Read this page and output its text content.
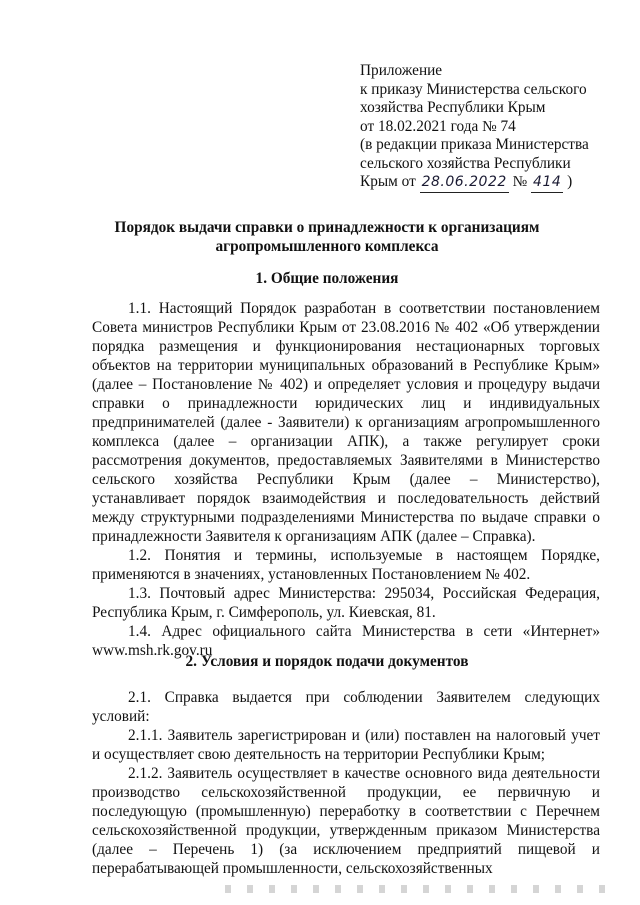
Приложение
к приказу Министерства сельского
хозяйства Республики Крым
от 18.02.2021 года № 74
(в редакции приказа Министерства
сельского хозяйства Республики
Крым от 28.06.2022 № 414 )
Порядок выдачи справки о принадлежности к организациям
агропромышленного комплекса
1. Общие положения

1.1. Настоящий Порядок разработан в соответствии постановлением Совета министров Республики Крым от 23.08.2016 № 402 «Об утверждении порядка размещения и функционирования нестационарных торговых объектов на территории муниципальных образований в Республике Крым» (далее – Постановление № 402) и определяет условия и процедуру выдачи справки о принадлежности юридических лиц и индивидуальных предпринимателей (далее - Заявители) к организациям агропромышленного комплекса (далее – организации АПК), а также регулирует сроки рассмотрения документов, предоставляемых Заявителями в Министерство сельского хозяйства Республики Крым (далее – Министерство), устанавливает порядок взаимодействия и последовательность действий между структурными подразделениями Министерства по выдаче справки о принадлежности Заявителя к организациям АПК (далее – Справка).

1.2. Понятия и термины, используемые в настоящем Порядке, применяются в значениях, установленных Постановлением № 402.

1.3. Почтовый адрес Министерства: 295034, Российская Федерация, Республика Крым, г. Симферополь, ул. Киевская, 81.

1.4. Адрес официального сайта Министерства в сети «Интернет» www.msh.rk.gov.ru

2. Условия и порядок подачи документов

2.1. Справка выдается при соблюдении Заявителем следующих условий:

2.1.1. Заявитель зарегистрирован и (или) поставлен на налоговый учет и осуществляет свою деятельность на территории Республики Крым;

2.1.2. Заявитель осуществляет в качестве основного вида деятельности производство сельскохозяйственной продукции, ее первичную и последующую (промышленную) переработку в соответствии с Перечнем сельскохозяйственной продукции, утвержденным приказом Министерства (далее – Перечень 1) (за исключением предприятий пищевой и перерабатывающей промышленности, сельскохозяйственных
